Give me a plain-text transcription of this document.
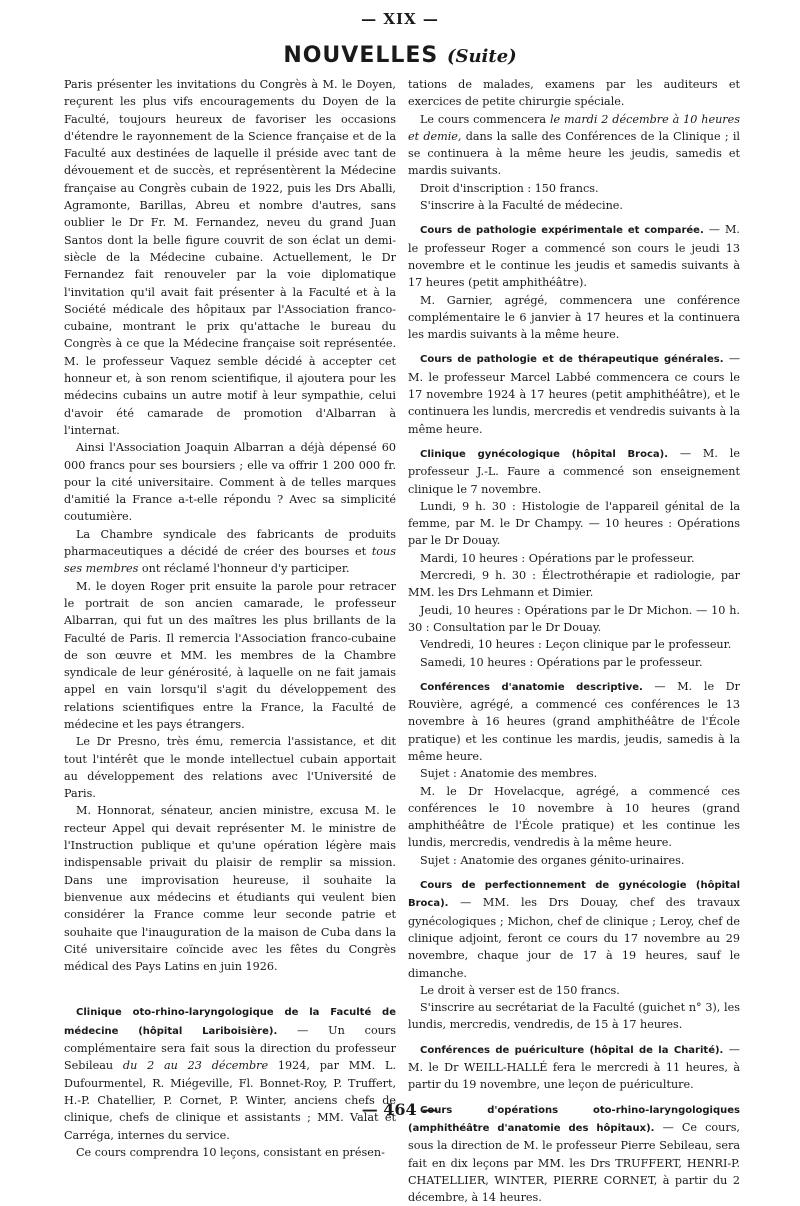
— XIX —
NOUVELLES (Suite)

Paris présenter les invitations du Congrès à M. le Doyen, reçurent les plus vifs encouragements du Doyen de la Faculté, toujours heureux de favoriser les occasions d'étendre le rayonnement de la Science française et de la Faculté aux destinées de laquelle il préside avec tant de dévouement et de succès, et représentèrent la Médecine française au Congrès cubain de 1922, puis les Drs Aballi, Agramonte, Barillas, Abreu et nombre d'autres, sans oublier le Dr Fr. M. Fernandez, neveu du grand Juan Santos dont la belle figure couvrit de son éclat un demi-siècle de la Médecine cubaine. Actuellement, le Dr Fernandez fait renouveler par la voie diplomatique l'invitation qu'il avait fait présenter à la Faculté et à la Société médicale des hôpitaux par l'Association franco-cubaine, montrant le prix qu'attache le bureau du Congrès à ce que la Médecine française soit représentée. M. le professeur Vaquez semble décidé à accepter cet honneur et, à son renom scientifique, il ajoutera pour les médecins cubains un autre motif à leur sympathie, celui d'avoir été camarade de promotion d'Albarran à l'internat.

Ainsi l'Association Joaquin Albarran a déjà dépensé 60 000 francs pour ses boursiers ; elle va offrir 1 200 000 fr. pour la cité universitaire. Comment à de telles marques d'amitié la France a-t-elle répondu ? Avec sa simplicité coutumière.

La Chambre syndicale des fabricants de produits pharmaceutiques a décidé de créer des bourses et tous ses membres ont réclamé l'honneur d'y participer.

M. le doyen Roger prit ensuite la parole pour retracer le portrait de son ancien camarade, le professeur Albarran, qui fut un des maîtres les plus brillants de la Faculté de Paris. Il remercia l'Association franco-cubaine de son œuvre et MM. les membres de la Chambre syndicale de leur générosité, à laquelle on ne fait jamais appel en vain lorsqu'il s'agit du développement des relations scientifiques entre la France, la Faculté de médecine et les pays étrangers.

Le Dr Presno, très ému, remercia l'assistance, et dit tout l'intérêt que le monde intellectuel cubain apportait au développement des relations avec l'Université de Paris.

M. Honnorat, sénateur, ancien ministre, excusa M. le recteur Appel qui devait représenter M. le ministre de l'Instruction publique et qu'une opération légère mais indispensable privait du plaisir de remplir sa mission. Dans une improvisation heureuse, il souhaite la bienvenue aux médecins et étudiants qui veulent bien considérer la France comme leur seconde patrie et souhaite que l'inauguration de la maison de Cuba dans la Cité universitaire coïncide avec les fêtes du Congrès médical des Pays Latins en juin 1926.

Clinique oto-rhino-laryngologique de la Faculté de médecine (hôpital Lariboisière). — Un cours complémentaire sera fait sous la direction du professeur Sebileau du 2 au 23 décembre 1924, par MM. L. Dufourmentel, R. Miégeville, Fl. Bonnet-Roy, P. Truffert, H.-P. Chatellier, P. Cornet, P. Winter, anciens chefs de clinique, chefs de clinique et assistants ; MM. Valat et Carréga, internes du service.

Ce cours comprendra 10 leçons, consistant en présen-

tations de malades, examens par les auditeurs et exercices de petite chirurgie spéciale.

Le cours commencera le mardi 2 décembre à 10 heures et demie, dans la salle des Conférences de la Clinique ; il se continuera à la même heure les jeudis, samedis et mardis suivants.

Droit d'inscription : 150 francs.

S'inscrire à la Faculté de médecine.

Cours de pathologie expérimentale et comparée. — M. le professeur Roger a commencé son cours le jeudi 13 novembre et le continue les jeudis et samedis suivants à 17 heures (petit amphithéâtre).

M. Garnier, agrégé, commencera une conférence complémentaire le 6 janvier à 17 heures et la continuera les mardis suivants à la même heure.

Cours de pathologie et de thérapeutique générales. — M. le professeur Marcel Labbé commencera ce cours le 17 novembre 1924 à 17 heures (petit amphithéâtre), et le continuera les lundis, mercredis et vendredis suivants à la même heure.

Clinique gynécologique (hôpital Broca). — M. le professeur J.-L. Faure a commencé son enseignement clinique le 7 novembre.

Lundi, 9 h. 30 : Histologie de l'appareil génital de la femme, par M. le Dr Champy. — 10 heures : Opérations par le Dr Douay.

Mardi, 10 heures : Opérations par le professeur.

Mercredi, 9 h. 30 : Électrothérapie et radiologie, par MM. les Drs Lehmann et Dimier.

Jeudi, 10 heures : Opérations par le Dr Michon. — 10 h. 30 : Consultation par le Dr Douay.

Vendredi, 10 heures : Leçon clinique par le professeur.

Samedi, 10 heures : Opérations par le professeur.

Conférences d'anatomie descriptive. — M. le Dr Rouvière, agrégé, a commencé ces conférences le 13 novembre à 16 heures (grand amphithéâtre de l'École pratique) et les continue les mardis, jeudis, samedis à la même heure.

Sujet : Anatomie des membres.

M. le Dr Hovelacque, agrégé, a commencé ces conférences le 10 novembre à 10 heures (grand amphithéâtre de l'École pratique) et les continue les lundis, mercredis, vendredis à la même heure.

Sujet : Anatomie des organes génito-urinaires.

Cours de perfectionnement de gynécologie (hôpital Broca). — MM. les Drs Douay, chef des travaux gynécologiques ; Michon, chef de clinique ; Leroy, chef de clinique adjoint, feront ce cours du 17 novembre au 29 novembre, chaque jour de 17 à 19 heures, sauf le dimanche.

Le droit à verser est de 150 francs.

S'inscrire au secrétariat de la Faculté (guichet n° 3), les lundis, mercredis, vendredis, de 15 à 17 heures.

Conférences de puériculture (hôpital de la Charité). — M. le Dr WEILL-HALLÉ fera le mercredi à 11 heures, à partir du 19 novembre, une leçon de puériculture.

Cours d'opérations oto-rhino-laryngologiques (amphithéâtre d'anatomie des hôpitaux). — Ce cours, sous la direction de M. le professeur Pierre Sebileau, sera fait en dix leçons par MM. les Drs TRUFFERT, HENRI-P. CHATELLIER, WINTER, PIERRE CORNET, à partir du 2 décembre, à 14 heures.

— 464 —
